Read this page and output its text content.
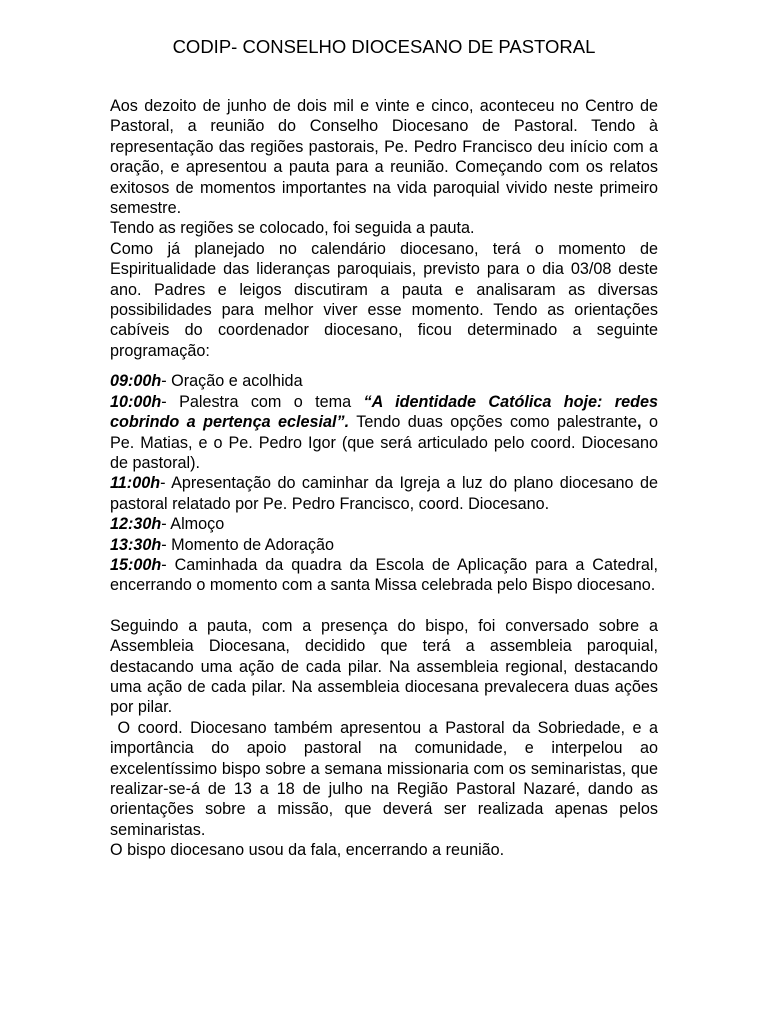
CODIP- CONSELHO DIOCESANO DE PASTORAL

Aos dezoito de junho de dois mil e vinte e cinco, aconteceu no Centro de Pastoral, a reunião do Conselho Diocesano de Pastoral. Tendo à representação das regiões pastorais, Pe. Pedro Francisco deu início com a oração, e apresentou a pauta para a reunião. Começando com os relatos exitosos de momentos importantes na vida paroquial vivido neste primeiro semestre.

Tendo as regiões se colocado, foi seguida a pauta.

Como já planejado no calendário diocesano, terá o momento de Espiritualidade das lideranças paroquiais, previsto para o dia 03/08 deste ano. Padres e leigos discutiram a pauta e analisaram as diversas possibilidades para melhor viver esse momento. Tendo as orientações cabíveis do coordenador diocesano, ficou determinado a seguinte programação:

09:00h- Oração e acolhida

10:00h- Palestra com o tema “A identidade Católica hoje: redes cobrindo a pertença eclesial”. Tendo duas opções como palestrante, o Pe. Matias, e o Pe. Pedro Igor (que será articulado pelo coord. Diocesano de pastoral).

11:00h- Apresentação do caminhar da Igreja a luz do plano diocesano de pastoral relatado por Pe. Pedro Francisco, coord. Diocesano.

12:30h- Almoço

13:30h- Momento de Adoração

15:00h- Caminhada da quadra da Escola de Aplicação para a Catedral, encerrando o momento com a santa Missa celebrada pelo Bispo diocesano.

Seguindo a pauta, com a presença do bispo, foi conversado sobre a Assembleia Diocesana, decidido que terá a assembleia paroquial, destacando uma ação de cada pilar. Na assembleia regional, destacando uma ação de cada pilar. Na assembleia diocesana prevalecera duas ações por pilar.

O coord. Diocesano também apresentou a Pastoral da Sobriedade, e a importância do apoio pastoral na comunidade, e interpelou ao excelentíssimo bispo sobre a semana missionaria com os seminaristas, que realizar-se-á de 13 a 18 de julho na Região Pastoral Nazaré, dando as orientações sobre a missão, que deverá ser realizada apenas pelos seminaristas.

O bispo diocesano usou da fala, encerrando a reunião.
